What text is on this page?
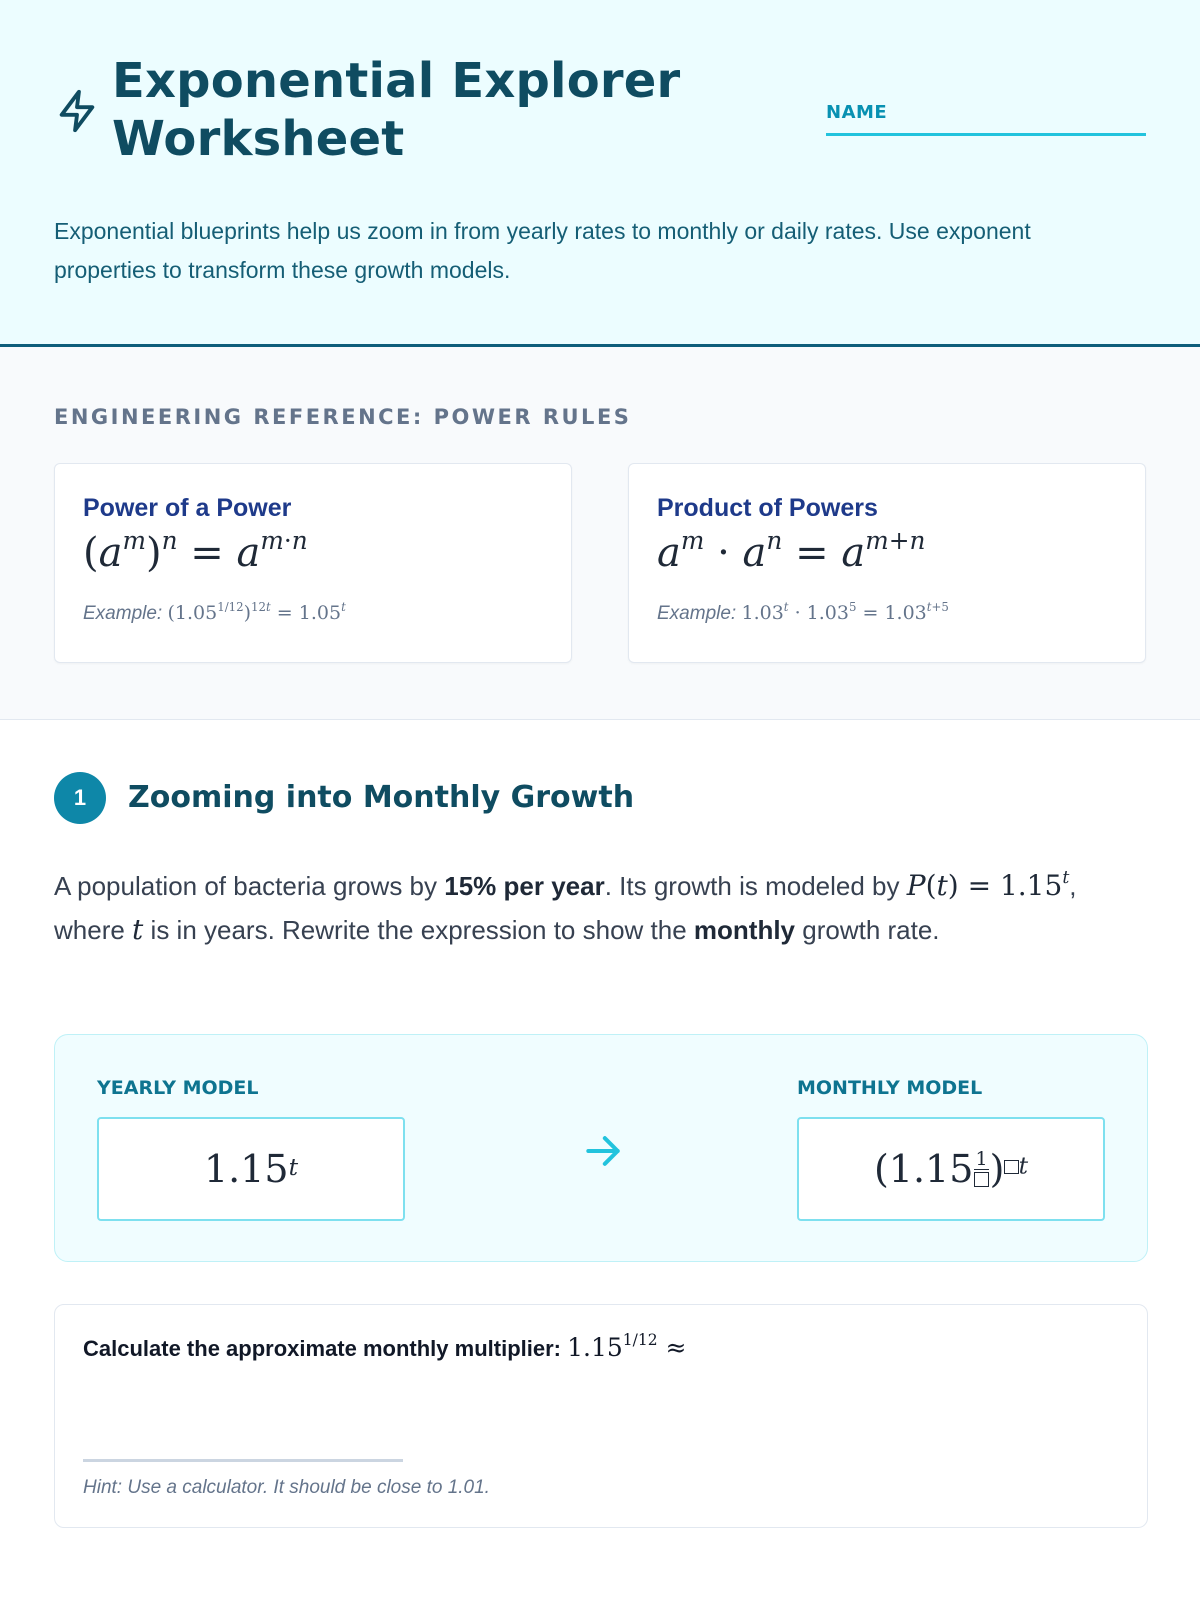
Exponential Explorer
Worksheet	NAME

Exponential blueprints help us zoom in from yearly rates to monthly or daily rates. Use exponent properties to transform these growth models.

ENGINEERING REFERENCE: POWER RULES
Power of a Power
$(a^m)^n = a^{m\cdot n}$
Example: $(1.05^{1/12})^{12t} = 1.05^t$
Product of Powers
$a^m \cdot a^n = a^{m+n}$
Example: $1.03^t \cdot 1.03^5 = 1.03^{t+5}$
1	Zooming into Monthly Growth

A population of bacteria grows by 15% per year. Its growth is modeled by $P(t) = 1.15^t$, where t is in years. Rewrite the expression to show the monthly growth rate.

YEARLY MODEL
1.15$^t$
MONTHLY MODEL
(1.15 1 ) $^t$
Calculate the approximate monthly multiplier: $1.15^{1/12}$ ≈

Hint: Use a calculator. It should be close to 1.01.
